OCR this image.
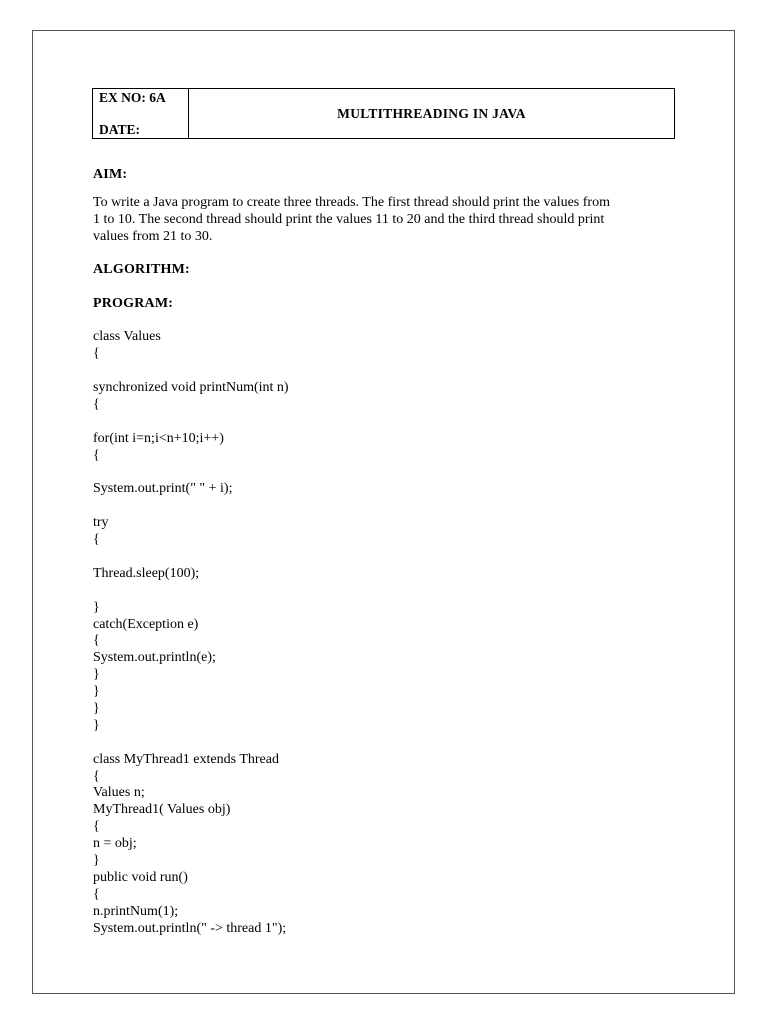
EX NO: 6A
DATE:
MULTITHREADING IN JAVA
AIM:
To write a Java program to create three threads. The first thread should print the values from
1 to 10. The second thread should print the values 11 to 20 and the third thread should print
values from 21 to 30.
ALGORITHM:
PROGRAM:
class Values
{
synchronized void printNum(int n)
{
for(int i=n;i<n+10;i++)
{
System.out.print(" " + i);
try
{
Thread.sleep(100);
}
catch(Exception e)
{
System.out.println(e);
}
}
}
}
class MyThread1 extends Thread
{
Values n;
MyThread1( Values obj)
{
n = obj;
}
public void run()
{
n.printNum(1);
System.out.println(" -> thread 1");
